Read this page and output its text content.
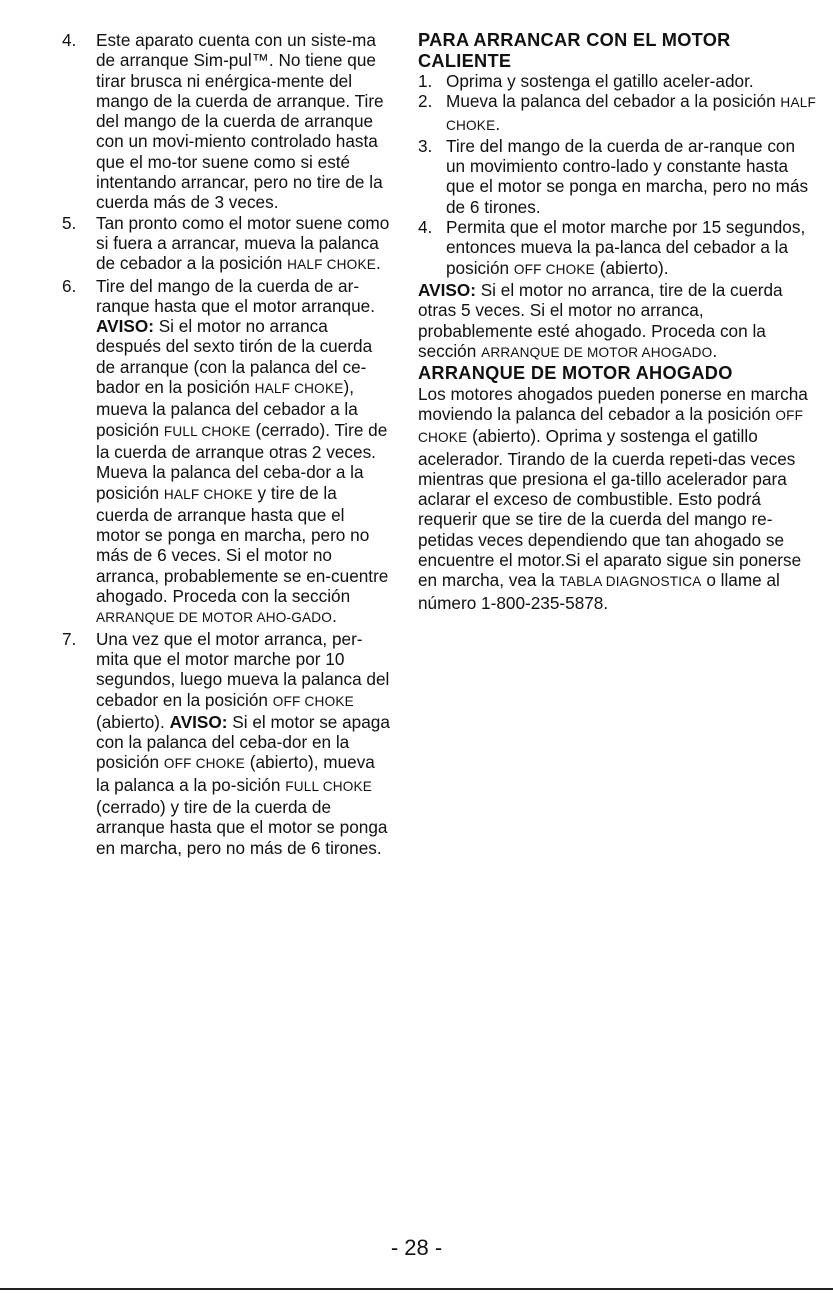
4.	Este aparato cuenta con un siste-ma de arranque Sim-pul™. No tiene que tirar brusca ni enérgica-mente del mango de la cuerda de arranque. Tire del mango de la cuerda de arranque con un movi-miento controlado hasta que el mo-tor suene como si esté intentando arrancar, pero no tire de la cuerda más de 3 veces.

5.	Tan pronto como el motor suene como si fuera a arrancar, mueva la palanca de cebador a la posición HALF CHOKE.

6.	Tire del mango de la cuerda de ar-ranque hasta que el motor arranque. AVISO: Si el motor no arranca después del sexto tirón de la cuerda de arranque (con la palanca del ce-bador en la posición HALF CHOKE), mueva la palanca del cebador a la posición FULL CHOKE (cerrado). Tire de la cuerda de arranque otras 2 veces. Mueva la palanca del ceba-dor a la posición HALF CHOKE y tire de la cuerda de arranque hasta que el motor se ponga en marcha, pero no más de 6 veces. Si el motor no arranca, probablemente se en-cuentre ahogado. Proceda con la sección ARRANQUE DE MOTOR AHO-GADO.

7.	Una vez que el motor arranca, per-mita que el motor marche por 10 segundos, luego mueva la palanca del cebador en la posición OFF CHOKE (abierto). AVISO: Si el motor se apaga con la palanca del ceba-dor en la posición OFF CHOKE (abierto), mueva la palanca a la po-sición FULL CHOKE (cerrado) y tire de la cuerda de arranque hasta que el motor se ponga en marcha, pero no más de 6 tirones.

PARA ARRANCAR CON EL MOTOR CALIENTE
1. Oprima y sostenga el gatillo aceler-ador.

2. Mueva la palanca del cebador a la posición HALF CHOKE.

3. Tire del mango de la cuerda de ar-ranque con un movimiento contro-lado y constante hasta que el motor se ponga en marcha, pero no más de 6 tirones.

4. Permita que el motor marche por 15 segundos, entonces mueva la pa-lanca del cebador a la posición OFF CHOKE (abierto).

AVISO: Si el motor no arranca, tire de la cuerda otras 5 veces. Si el motor no arranca, probablemente esté ahogado. Proceda con la sección ARRANQUE DE MOTOR AHOGADO.

ARRANQUE DE MOTOR AHOGADO

Los motores ahogados pueden ponerse en marcha moviendo la palanca del cebador a la posición OFF CHOKE (abierto). Oprima y sostenga el gatillo acelerador. Tirando de la cuerda repeti-das veces mientras que presiona el ga-tillo acelerador para aclarar el exceso de combustible. Esto podrá requerir que se tire de la cuerda del mango re-petidas veces dependiendo que tan ahogado se encuentre el motor.Si el aparato sigue sin ponerse en marcha, vea la TABLA DIAGNOSTICA o llame al número 1-800-235-5878.

- 28 -
